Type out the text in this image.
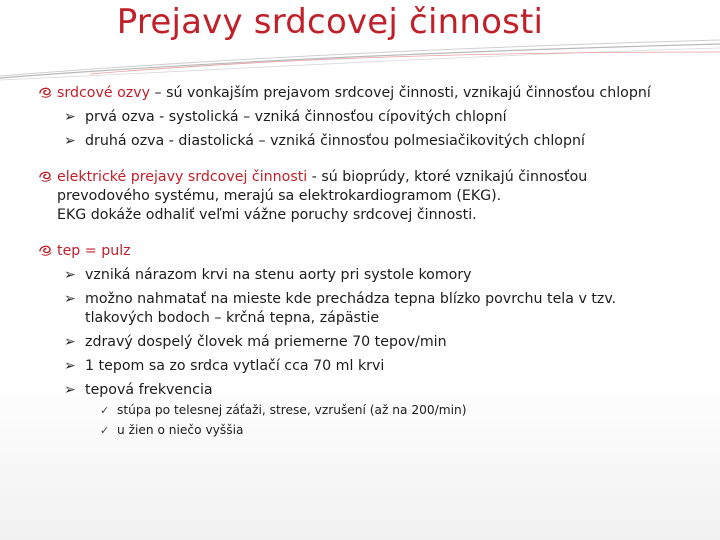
Prejavy srdcovej činnosti
srdcové ozvy – sú vonkajším prejavom srdcovej činnosti, vznikajú činnosťou chlopní
➢ prvá ozva - systolická – vzniká činnosťou cípovitých chlopní
➢ druhá ozva - diastolická – vzniká činnosťou polmesiačikovitých chlopní
elektrické prejavy srdcovej činnosti - sú bioprúdy, ktoré vznikajú činnosťou prevodového systému, merajú sa elektrokardiogramom (EKG).
EKG dokáže odhaliť veľmi vážne poruchy srdcovej činnosti.
tep = pulz
➢ vzniká nárazom krvi na stenu aorty pri systole komory
➢ možno nahmatať na mieste kde prechádza tepna blízko povrchu tela v tzv. tlakových bodoch – krčná tepna, zápästie
➢ zdravý dospelý človek má priemerne 70 tepov/min
➢ 1 tepom sa zo srdca vytlačí cca 70 ml krvi
➢ tepová frekvencia
✓ stúpa po telesnej záťaži, strese, vzrušení (až na 200/min)
✓ u žien o niečo vyššia
